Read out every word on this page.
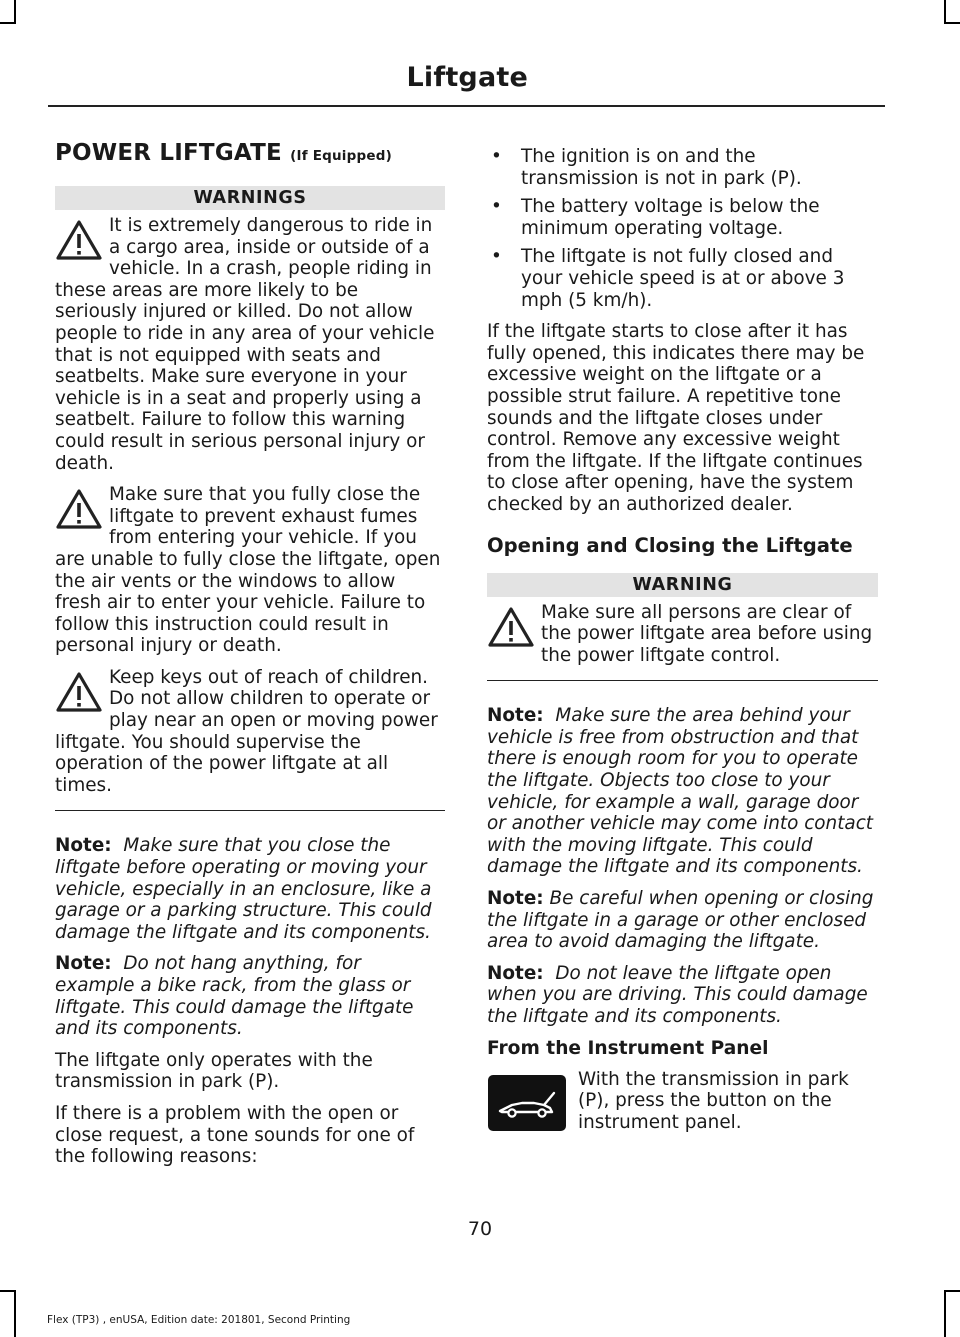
Liftgate
POWER LIFTGATE (If Equipped)
WARNINGS

It is extremely dangerous to ride in a cargo area, inside or outside of a vehicle. In a crash, people riding in these areas are more likely to be seriously injured or killed. Do not allow people to ride in any area of your vehicle that is not equipped with seats and seatbelts. Make sure everyone in your vehicle is in a seat and properly using a seatbelt. Failure to follow this warning could result in serious personal injury or death.

Make sure that you fully close the liftgate to prevent exhaust fumes from entering your vehicle. If you are unable to fully close the liftgate, open the air vents or the windows to allow fresh air to enter your vehicle. Failure to follow this instruction could result in personal injury or death.

Keep keys out of reach of children. Do not allow children to operate or play near an open or moving power liftgate. You should supervise the operation of the power liftgate at all times.

Note: Make sure that you close the liftgate before operating or moving your vehicle, especially in an enclosure, like a garage or a parking structure. This could damage the liftgate and its components.

Note: Do not hang anything, for example a bike rack, from the glass or liftgate. This could damage the liftgate and its components.

The liftgate only operates with the transmission in park (P).

If there is a problem with the open or close request, a tone sounds for one of the following reasons:

• The ignition is on and the transmission is not in park (P).
• The battery voltage is below the minimum operating voltage.
• The liftgate is not fully closed and your vehicle speed is at or above 3 mph (5 km/h).

If the liftgate starts to close after it has fully opened, this indicates there may be excessive weight on the liftgate or a possible strut failure. A repetitive tone sounds and the liftgate closes under control. Remove any excessive weight from the liftgate. If the liftgate continues to close after opening, have the system checked by an authorized dealer.

Opening and Closing the Liftgate
WARNING

Make sure all persons are clear of the power liftgate area before using the power liftgate control.

Note: Make sure the area behind your vehicle is free from obstruction and that there is enough room for you to operate the liftgate. Objects too close to your vehicle, for example a wall, garage door or another vehicle may come into contact with the moving liftgate. This could damage the liftgate and its components.

Note: Be careful when opening or closing the liftgate in a garage or other enclosed area to avoid damaging the liftgate.

Note: Do not leave the liftgate open when you are driving. This could damage the liftgate and its components.

From the Instrument Panel

With the transmission in park (P), press the button on the instrument panel.

70
Flex (TP3) , enUSA, Edition date: 201801, Second Printing
